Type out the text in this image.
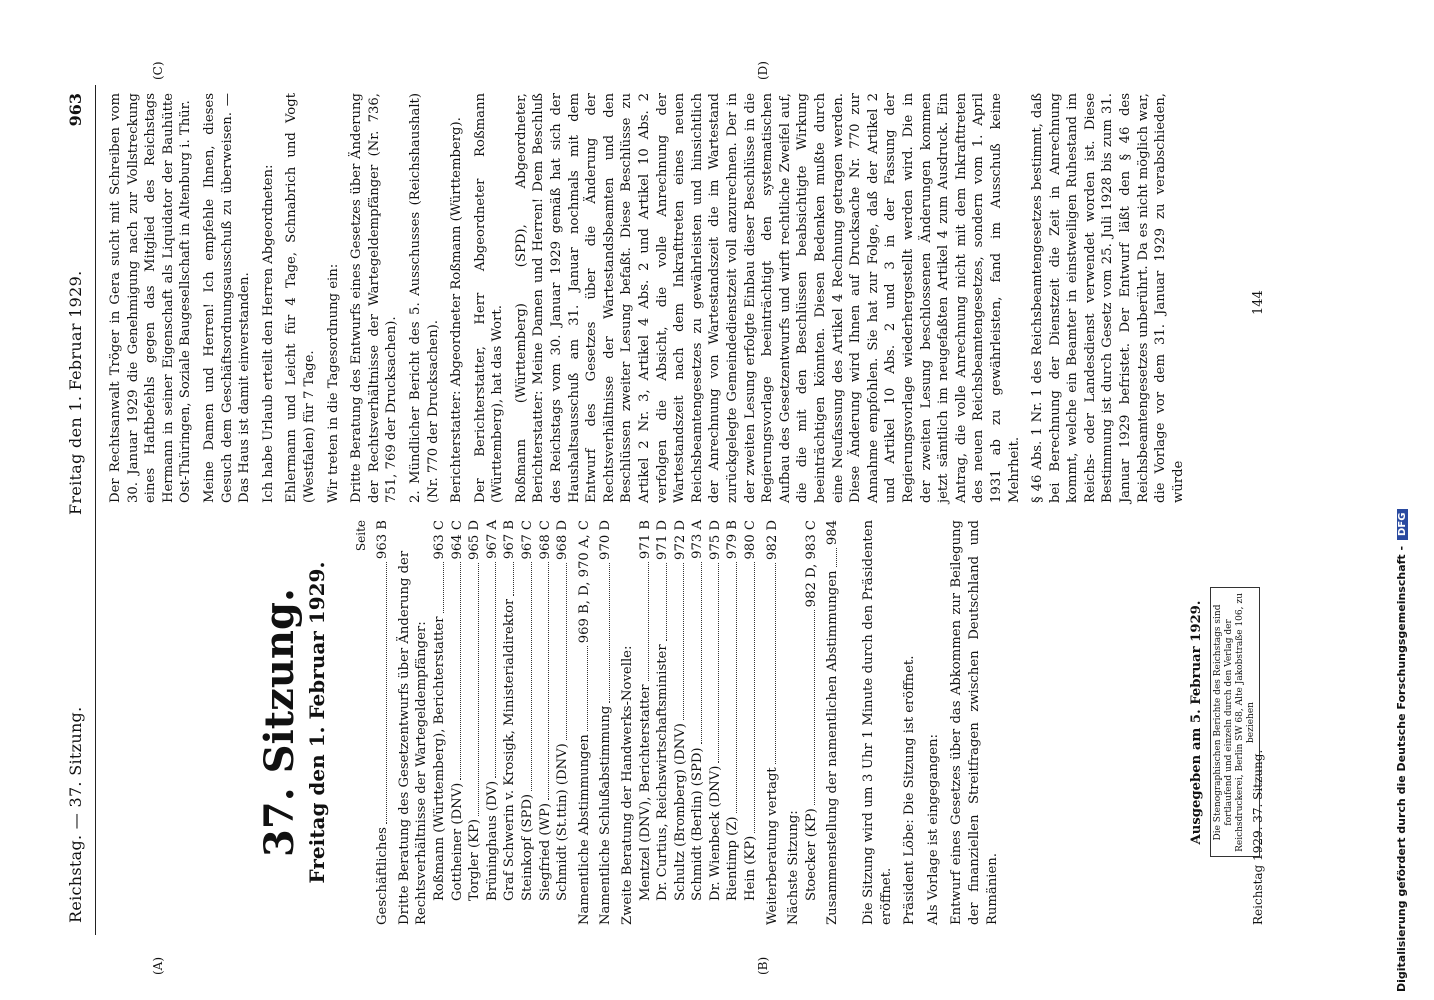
Reichstag. — 37. Sitzung.
Freitag den 1. Februar 1929.
963
37. Sitzung. Freitag den 1. Februar 1929.
Seite
Geschäftliches
963 B
Dritte Beratung des Gesetzentwurfs über Änderung der Rechtsverhältnisse der Wartegeldempfänger: Roßmann (Württemberg), Berichterstatter
963 C
Gottheiner (DNV)
964 C
Torgler (KP)
965 D
Brüninghaus (DV)
967 A
Graf Schwerin v. Krosigk, Ministerialdirektor
967 B
Steinkopf (SPD)
967 C
Siegfried (WP)
968 C
Schmidt (St.ttin) (DNV)
968 D
Namentliche Abstimmungen
969 B, D, 970 A, C
Namentliche Schlußabstimmung
970 D
Zweite Beratung der Handwerks-Novelle: Mentzel (DNV), Berichterstatter
971 B
Dr. Curtius, Reichswirtschaftsminister
971 D
Schultz (Bromberg) (DNV)
972 D
Schmidt (Berlin) (SPD)
973 A
Dr. Wienbeck (DNV)
975 D
Rientimp (Z)
979 B
Hein (KP)
980 C
Weiterberatung vertagt
982 D
Nächste Sitzung: Stoecker (KP)
982 D, 983 C
Zusammenstellung der namentlichen Abstimmungen
984 Die Sitzung wird um 3 Uhr 1 Minute durch den Präsidenten eröffnet. Präsident Löbe: Die Sitzung ist eröffnet. Als Vorlage ist eingegangen: Entwurf eines Gesetzes über das Abkommen zur Beilegung der finanziellen Streitfragen zwischen Deutschland und Rumänien.

Der Rechtsanwalt Tröger in Gera sucht mit Schreiben vom 30. Januar 1929 die Genehmigung nach zur Vollstreckung eines Haftbefehls gegen das Mitglied des Reichstags Hermann in seiner Eigenschaft als Liquidator der Bauhütte Ost-Thüringen, Soziale Baugesellschaft in Altenburg i. Thür. Meine Damen und Herren! Ich empfehle Ihnen, dieses Gesuch dem Geschäftsordnungsausschuß zu überweisen. — Das Haus ist damit einverstanden. Ich habe Urlaub erteilt den Herren Abgeordneten: Ehlermann und Leicht für 4 Tage, Schnabrich und Vogt (Westfalen) für 7 Tage. Wir treten in die Tagesordnung ein: Dritte Beratung des Entwurfs eines Gesetzes über Änderung der Rechtsverhältnisse der Wartegeldempfänger (Nr. 736, 751, 769 der Drucksachen). 2. Mündlicher Bericht des 5. Ausschusses (Reichshaushalt) (Nr. 770 der Drucksachen). Berichterstatter: Abgeordneter Roßmann (Württemberg). Der Berichterstatter, Herr Abgeordneter Roßmann (Württemberg), hat das Wort. Roßmann (Württemberg) (SPD), Abgeordneter, Berichterstatter: Meine Damen und Herren! Dem Beschluß des Reichstags vom 30. Januar 1929 gemäß hat sich der Haushaltsausschuß am 31. Januar nochmals mit dem Entwurf des Gesetzes über die Änderung der Rechtsverhältnisse der Wartestandsbeamten und den Beschlüssen zweiter Lesung befaßt. Diese Beschlüsse zu Artikel 2 Nr. 3, Artikel 4 Abs. 2 und Artikel 10 Abs. 2 verfolgen die Absicht, die volle Anrechnung der Wartestandszeit nach dem Inkrafttreten eines neuen Reichsbeamtengesetzes zu gewährleisten und hinsichtlich der Anrechnung von Wartestandszeit die im Wartestand zurückgelegte Gemeindedienstzeit voll anzurechnen. Der in der zweiten Lesung erfolgte Einbau dieser Beschlüsse in die Regierungsvorlage beeinträchtigt den systematischen Aufbau des Gesetzentwurfs und wirft rechtliche Zweifel auf, die die mit den Beschlüssen beabsichtigte Wirkung beeinträchtigen könnten. Diesen Bedenken mußte durch eine Neufassung des Artikel 4 Rechnung getragen werden. Diese Änderung wird Ihnen auf Drucksache Nr. 770 zur Annahme empfohlen. Sie hat zur Folge, daß der Artikel 2 und Artikel 10 Abs. 2 und 3 in der Fassung der Regierungsvorlage wiederhergestellt werden wird. Die in der zweiten Lesung beschlossenen Änderungen kommen jetzt sämtlich im neugefaßten Artikel 4 zum Ausdruck. Ein Antrag, die volle Anrechnung nicht mit dem Inkrafttreten des neuen Reichsbeamtengesetzes, sondern vom 1. April 1931 ab zu gewährleisten, fand im Ausschuß keine Mehrheit. § 46 Abs. 1 Nr. 1 des Reichsbeamtengesetzes bestimmt, daß bei Berechnung der Dienstzeit die Zeit in Anrechnung kommt, welche ein Beamter in einstweiligen Ruhestand im Reichs- oder Landesdienst verwendet worden ist. Diese Bestimmung ist durch Gesetz vom 25. Juli 1928 bis zum 31. Januar 1929 befristet. Der Entwurf läßt den § 46 des Reichsbeamtengesetzes unberührt. Da es nicht möglich war, die Vorlage vor dem 31. Januar 1929 zu verabschieden, würde

Ausgegeben am 5. Februar 1929. Die Stenographischen Berichte des Reichstags sind fortlaufend und einzeln durch den Verlag der Reichsdruckerei, Berlin SW 68, Alte Jakobstraße 106, zu beziehen
Reichstag 1929. 37. Sitzung.
144
(A)	(B)
(C)	(D)
Digitalisierung gefördert durch die Deutsche Forschungsgemeinschaft -DFG
